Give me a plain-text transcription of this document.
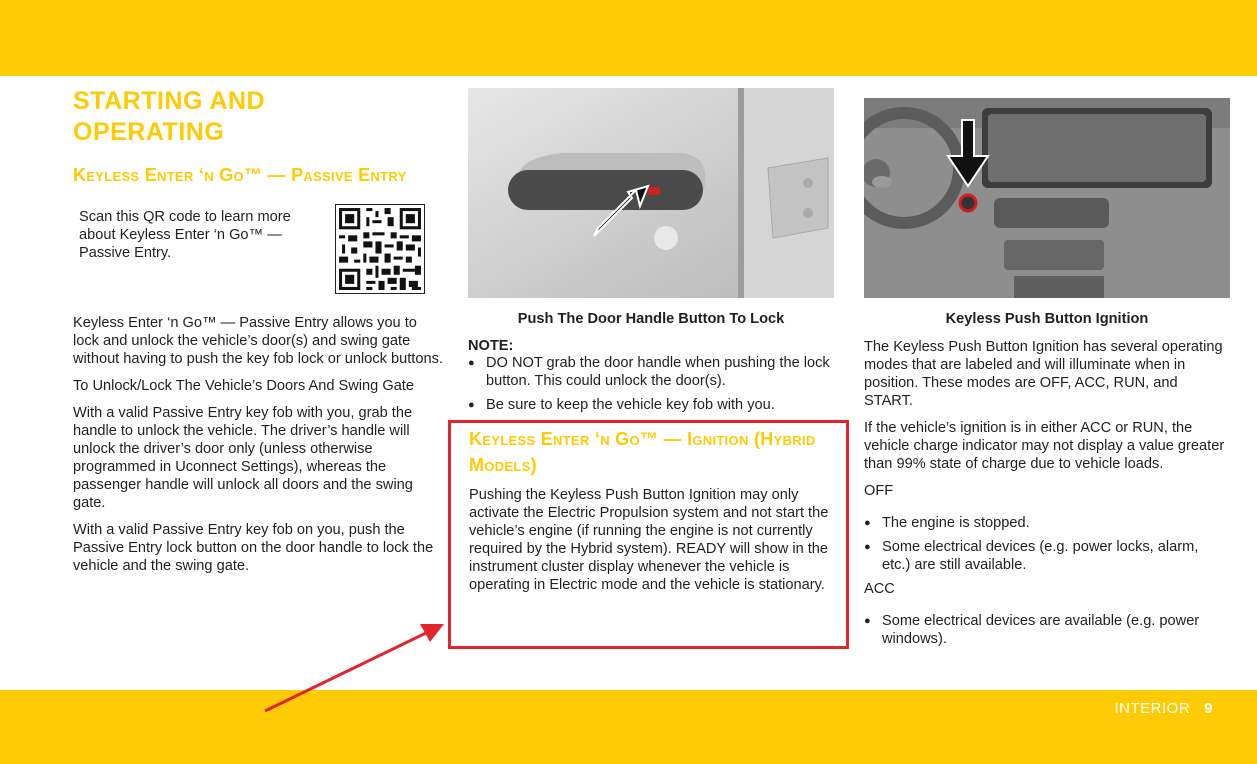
STARTING AND
OPERATING
Keyless Enter ‘n Go™ — Passive Entry
Scan this QR code to learn more about Keyless Enter ‘n Go™ — Passive Entry.

Keyless Enter ‘n Go™ — Passive Entry allows you to lock and unlock the vehicle’s door(s) and swing gate without having to push the key fob lock or unlock buttons.

To Unlock/Lock The Vehicle’s Doors And Swing Gate

With a valid Passive Entry key fob with you, grab the handle to unlock the vehicle. The driver’s handle will unlock the driver’s door only (unless otherwise programmed in Uconnect Settings), whereas the passenger handle will unlock all doors and the swing gate.

With a valid Passive Entry key fob on you, push the Passive Entry lock button on the door handle to lock the vehicle and the swing gate.

Push The Door Handle Button To Lock
NOTE:
● DO NOT grab the door handle when pushing the lock button. This could unlock the door(s).
● Be sure to keep the vehicle key fob with you.
Keyless Enter ‘n Go™ — Ignition (Hybrid Models)

Pushing the Keyless Push Button Ignition may only activate the Electric Propulsion system and not start the vehicle’s engine (if running the engine is not currently required by the Hybrid system). READY will show in the instrument cluster display whenever the vehicle is operating in Electric mode and the vehicle is stationary.

Keyless Push Button Ignition

The Keyless Push Button Ignition has several operating modes that are labeled and will illuminate when in position. These modes are OFF, ACC, RUN, and START.

If the vehicle’s ignition is in either ACC or RUN, the vehicle charge indicator may not display a value greater than 99% state of charge due to vehicle loads.

OFF

● The engine is stopped.
● Some electrical devices (e.g. power locks, alarm, etc.) are still available.

ACC

● Some electrical devices are available (e.g. power windows).
INTERIOR 9
